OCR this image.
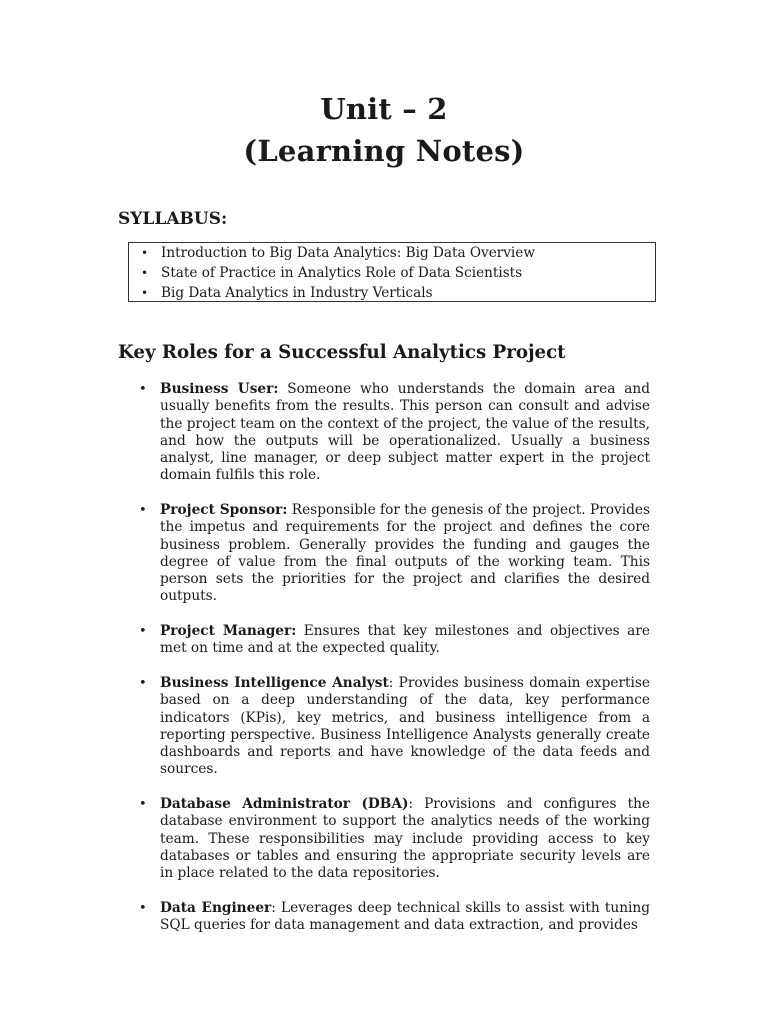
Unit – 2
(Learning Notes)
SYLLABUS:
• Introduction to Big Data Analytics: Big Data Overview
• State of Practice in Analytics Role of Data Scientists
• Big Data Analytics in Industry Verticals
Key Roles for a Successful Analytics Project
• Business User: Someone who understands the domain area and usually benefits from the results. This person can consult and advise the project team on the context of the project, the value of the results, and how the outputs will be operationalized. Usually a business analyst, line manager, or deep subject matter expert in the project domain fulfils this role.
• Project Sponsor: Responsible for the genesis of the project. Provides the impetus and requirements for the project and defines the core business problem. Generally provides the funding and gauges the degree of value from the final outputs of the working team. This person sets the priorities for the project and clarifies the desired outputs.
• Project Manager: Ensures that key milestones and objectives are met on time and at the expected quality.
• Business Intelligence Analyst: Provides business domain expertise based on a deep understanding of the data, key performance indicators (KPis), key metrics, and business intelligence from a reporting perspective. Business Intelligence Analysts generally create dashboards and reports and have knowledge of the data feeds and sources.
• Database Administrator (DBA): Provisions and configures the database environment to support the analytics needs of the working team. These responsibilities may include providing access to key databases or tables and ensuring the appropriate security levels are in place related to the data repositories.
• Data Engineer: Leverages deep technical skills to assist with tuning SQL queries for data management and data extraction, and provides
